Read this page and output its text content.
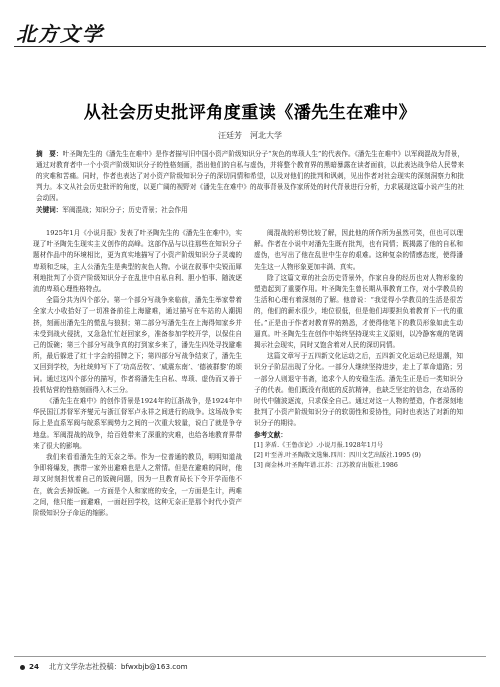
北方文学
从社会历史批评角度重读《潘先生在难中》
汪廷芳　河北大学
摘　要：叶圣陶先生的《潘先生在难中》是作者描写旧中国小资产阶级知识分子“灰色的卑琐人生”的代表作。《潘先生在难中》以军阀混战为背景，通过对教育者中一个小资产阶级知识分子的性格刻画，指出他们的自私与虚伪，并将整个教育界的黑暗暴露在读者面前，以此表达战争给人民带来的灾难和苦痛。同时，作者也表达了对小资产阶级知识分子的深切同情和希望，以及对他们的批判和讽刺，见出作者对社会现实的深刻洞察力和批判力。本文从社会历史批评的角度，以更广阔的视野对《潘先生在难中》的故事背景及作家所处的时代背景进行分析，力求展现这篇小说产生的社会动因。
关键词：军阀混战；知识分子；历史背景；社会作用

1925年1月《小说月报》发表了叶圣陶先生的《潘先生在难中》，实现了叶圣陶先生现实主义创作的高峰。这部作品与以往那些在知识分子题材作品中的环境相比，更为真实地描写了小资产阶级知识分子灵魂的卑琐和乏味，主人公潘先生是典型的灰色人物。小说在叙事中尖锐而犀利地批判了小资产阶级知识分子在乱世中自私自利、胆小怕事、随波逐流的卑琐心理性格特点。

全篇分共为四个部分。第一个部分写战争来临前，潘先生举家带着全家大小收拾好了一切准备前往上海避难，通过描写在车站的人潮拥挤，刻画出潘先生的慌乱与狼狈；第二部分写潘先生在上海得知家乡并未受到战火侵扰，又急急忙忙赶回家乡，准备参加学校开学，以保住自己的饭碗；第三个部分写战争真的打到家乡来了，潘先生四处寻找避难所，最后躲进了红十字会的招牌之下；第四部分写战争结束了，潘先生又回到学校，为杜统帅写下了‘功高岳牧’、‘威震东南’、‘德被群黎’的颂词。通过这四个部分的描写，作者将潘先生自私、卑琐、虚伪而又善于投机钻营的性格刻画得入木三分。

《潘先生在难中》的创作背景是1924年的江浙战争，是1924年中华民国江苏督军齐燮元与浙江督军卢永祥之间进行的战争。这场战争实际上是直系军阀与皖系军阀势力之间的一次重大较量，说白了就是争夺地盘。军阀混战的战争，给百姓带来了深重的灾难，也给各地教育界带来了很大的影响。

我们来看看潘先生的无奈之举。作为一位普通的教员，明明知道战争即将爆发，携带一家外出避难也是人之常情。但是在避难的同时，他却又时刻担忧着自己的饭碗问题，因为一旦教育局长下令开学而他不在，就会丢掉饭碗。一方面是个人和家庭的安全，一方面是生计，两难之间，他只能一面避难，一面赶回学校，这种无奈正是那个时代小资产阶级知识分子命运的缩影。

阀混战的形势比较了解，因此他的所作所为虽然可笑，但也可以理解。作者在小说中对潘先生既有批判，也有同情；既揭露了他的自私和虚伪，也写出了他在乱世中生存的艰难。这种复杂的情感态度，使得潘先生这一人物形象更加丰满、真实。

除了这篇文章的社会历史背景外，作家自身的经历也对人物形象的塑造起到了重要作用。叶圣陶先生曾长期从事教育工作，对小学教员的生活和心理有着深刻的了解。他曾说：“我觉得小学教员的生活是很苦的，他们的薪水很少，地位很低，但是他们却要担负着教育下一代的重任。”正是由于作者对教育界的熟悉，才使得他笔下的教员形象如此生动逼真。叶圣陶先生在创作中始终坚持现实主义原则，以冷静客观的笔调揭示社会现实，同时又饱含着对人民的深切同情。

这篇文章写于五四新文化运动之后，五四新文化运动已经退潮，知识分子阶层出现了分化。一部分人继续坚持进步，走上了革命道路；另一部分人则退守书斋，追求个人的安稳生活。潘先生正是后一类知识分子的代表。他们既没有彻底的反抗精神，也缺乏坚定的信念，在动荡的时代中随波逐流，只求保全自己。通过对这一人物的塑造，作者深刻地批判了小资产阶级知识分子的软弱性和妥协性，同时也表达了对新的知识分子的期待。

参考文献：

[1] 茅盾.《王鲁彦论》.小说月报.1928年1月号

[2] 叶至善.叶圣陶散文选集.四川：四川文艺出版社.1995 (9)

[3] 商金林.叶圣陶年谱.江苏：江苏教育出版社.1986

24 北方文学杂志社投稿：bfwxbjb@163.com
